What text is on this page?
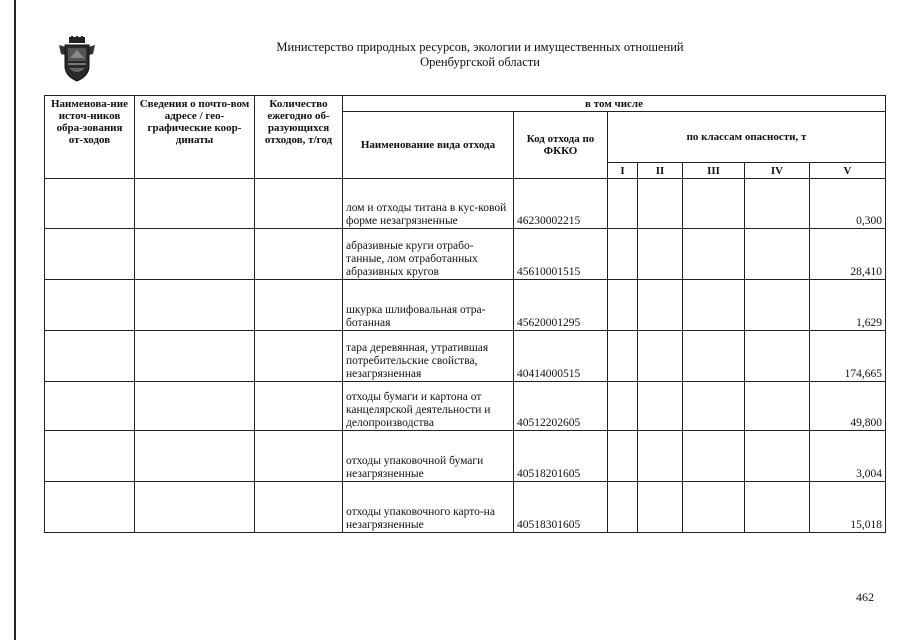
Министерство природных ресурсов, экологии и имущественных отношений
Оренбургской области
Наименова-ние источ-ников обра-зования от-ходов	Сведения о почто-вом адресе / гео-графические коор-динаты	Количество ежегодно об-разующихся отходов, т/год	в том числе						
			Наименование вида отхода	Код отхода по ФККО	по классам опасности, т				
					I	II	III	IV	V
			лом и отходы титана в кус-ковой форме незагрязненные	46230002215					0,300
			абразивные круги отрабо-танные, лом отработанных абразивных кругов	45610001515					28,410
			шкурка шлифовальная отра-ботанная	45620001295					1,629
			тара деревянная, утратившая потребительские свойства, незагрязненная	40414000515					174,665
			отходы бумаги и картона от канцелярской деятельности и делопроизводства	40512202605					49,800
			отходы упаковочной бумаги незагрязненные	40518201605					3,004
			отходы упаковочного карто-на незагрязненные	40518301605					15,018
462
